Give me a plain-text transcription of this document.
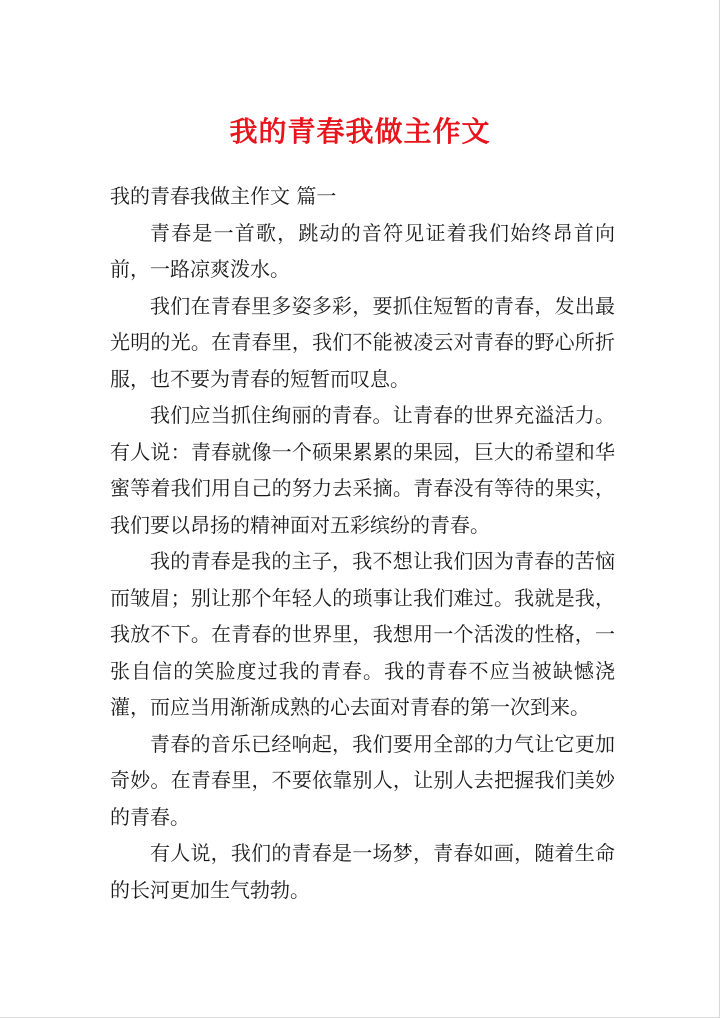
我的青春我做主作文

我的青春我做主作文 篇一

青春是一首歌，跳动的音符见证着我们始终昂首向前，一路凉爽泼水。

我们在青春里多姿多彩，要抓住短暂的青春，发出最光明的光。在青春里，我们不能被凌云对青春的野心所折服，也不要为青春的短暂而叹息。

我们应当抓住绚丽的青春。让青春的世界充溢活力。有人说：青春就像一个硕果累累的果园，巨大的希望和华蜜等着我们用自己的努力去采摘。青春没有等待的果实，我们要以昂扬的精神面对五彩缤纷的青春。

我的青春是我的主子，我不想让我们因为青春的苦恼而皱眉；别让那个年轻人的琐事让我们难过。我就是我，我放不下。在青春的世界里，我想用一个活泼的性格，一张自信的笑脸度过我的青春。我的青春不应当被缺憾浇灌，而应当用渐渐成熟的心去面对青春的第一次到来。

青春的音乐已经响起，我们要用全部的力气让它更加奇妙。在青春里，不要依靠别人，让别人去把握我们美妙的青春。

有人说，我们的青春是一场梦，青春如画，随着生命的长河更加生气勃勃。
